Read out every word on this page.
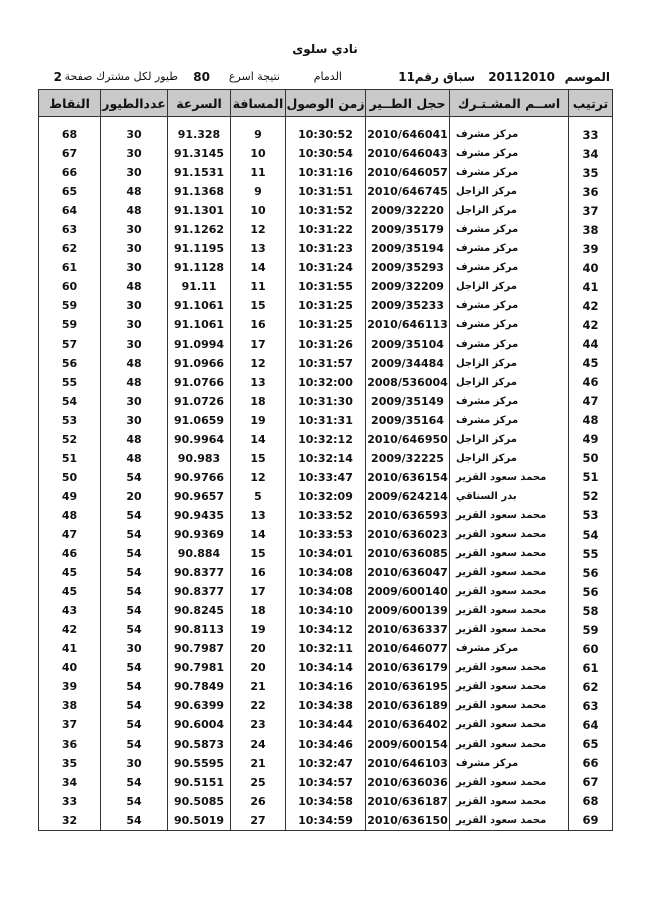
نادي سلوى
الموسم
20112010
سباق رقم
11
الدمام
نتيجة اسرع
80
طيور لكل مشترك صفحة
2
ترتيب	اســم المشـتـرك	حجل الطــير	زمن الوصول	المسافة	السرعة	عددالطيور	النقاط

33	مركز مشرف	2010/646041	10:30:52	9	91.328	30	68
34	مركز مشرف	2010/646043	10:30:54	10	91.3145	30	67
35	مركز مشرف	2010/646057	10:31:16	11	91.1531	30	66
36	مركز الزاجل	2010/646745	10:31:51	9	91.1368	48	65
37	مركز الزاجل	2009/32220	10:31:52	10	91.1301	48	64
38	مركز مشرف	2009/35179	10:31:22	12	91.1262	30	63
39	مركز مشرف	2009/35194	10:31:23	13	91.1195	30	62
40	مركز مشرف	2009/35293	10:31:24	14	91.1128	30	61
41	مركز الزاجل	2009/32209	10:31:55	11	91.11	48	60
42	مركز مشرف	2009/35233	10:31:25	15	91.1061	30	59
42	مركز مشرف	2010/646113	10:31:25	16	91.1061	30	59
44	مركز مشرف	2009/35104	10:31:26	17	91.0994	30	57
45	مركز الزاجل	2009/34484	10:31:57	12	91.0966	48	56
46	مركز الزاجل	2008/536004	10:32:00	13	91.0766	48	55
47	مركز مشرف	2009/35149	10:31:30	18	91.0726	30	54
48	مركز مشرف	2009/35164	10:31:31	19	91.0659	30	53
49	مركز الزاجل	2010/646950	10:32:12	14	90.9964	48	52
50	مركز الزاجل	2009/32225	10:32:14	15	90.983	48	51
51	محمد سعود القزير	2010/636154	10:33:47	12	90.9766	54	50
52	بدر السناقي	2009/624214	10:32:09	5	90.9657	20	49
53	محمد سعود القزير	2010/636593	10:33:52	13	90.9435	54	48
54	محمد سعود القزير	2010/636023	10:33:53	14	90.9369	54	47
55	محمد سعود القزير	2010/636085	10:34:01	15	90.884	54	46
56	محمد سعود القزير	2010/636047	10:34:08	16	90.8377	54	45
56	محمد سعود القزير	2009/600140	10:34:08	17	90.8377	54	45
58	محمد سعود القزير	2009/600139	10:34:10	18	90.8245	54	43
59	محمد سعود القزير	2010/636337	10:34:12	19	90.8113	54	42
60	مركز مشرف	2010/646077	10:32:11	20	90.7987	30	41
61	محمد سعود القزير	2010/636179	10:34:14	20	90.7981	54	40
62	محمد سعود القزير	2010/636195	10:34:16	21	90.7849	54	39
63	محمد سعود القزير	2010/636189	10:34:38	22	90.6399	54	38
64	محمد سعود القزير	2010/636402	10:34:44	23	90.6004	54	37
65	محمد سعود القزير	2009/600154	10:34:46	24	90.5873	54	36
66	مركز مشرف	2010/646103	10:32:47	21	90.5595	30	35
67	محمد سعود القزير	2010/636036	10:34:57	25	90.5151	54	34
68	محمد سعود القزير	2010/636187	10:34:58	26	90.5085	54	33
69	محمد سعود القزير	2010/636150	10:34:59	27	90.5019	54	32
